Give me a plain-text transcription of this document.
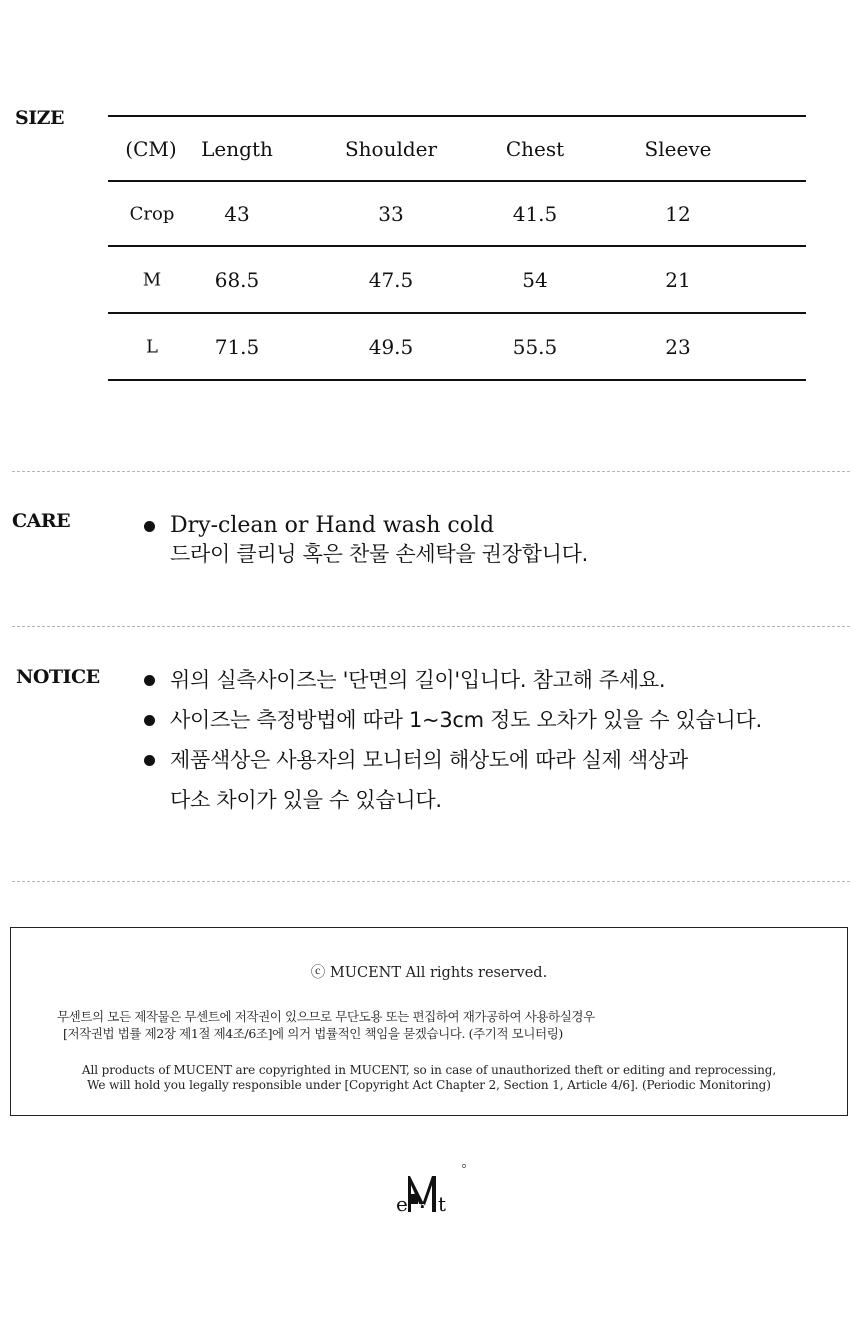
SIZE
(CM) Length	Shoulder	Chest	Sleeve
Crop 43	33	41.5	12
M	68.5	47.5	54	21
L	71.5	49.5	55.5	23
CARE	Dry-clean or Hand wash cold
드라이 클리닝 혹은 찬물 손세탁을 권장합니다.
NOTICE	위의 실측사이즈는 '단면의 길이'입니다. 참고해 주세요.
사이즈는 측정방법에 따라 1~3cm 정도 오차가 있을 수 있습니다.
제품색상은 사용자의 모니터의 해상도에 따라 실제 색상과
다소 차이가 있을 수 있습니다.
ⓒ MUCENT All rights reserved.
무센트의 모든 제작물은 무센트에 저작권이 있으므로 무단도용 또는 편집하여 재가공하여 사용하실경우
[저작권법 법률 제2장 제1절 제4조/6조]에 의거 법률적인 책임을 묻겠습니다. (주기적 모니터링)
All products of MUCENT are copyrighted in MUCENT, so in case of unauthorized theft or editing and reprocessing,
We will hold you legally responsible under [Copyright Act Chapter 2, Section 1, Article 4/6]. (Periodic Monitoring)
e n t
